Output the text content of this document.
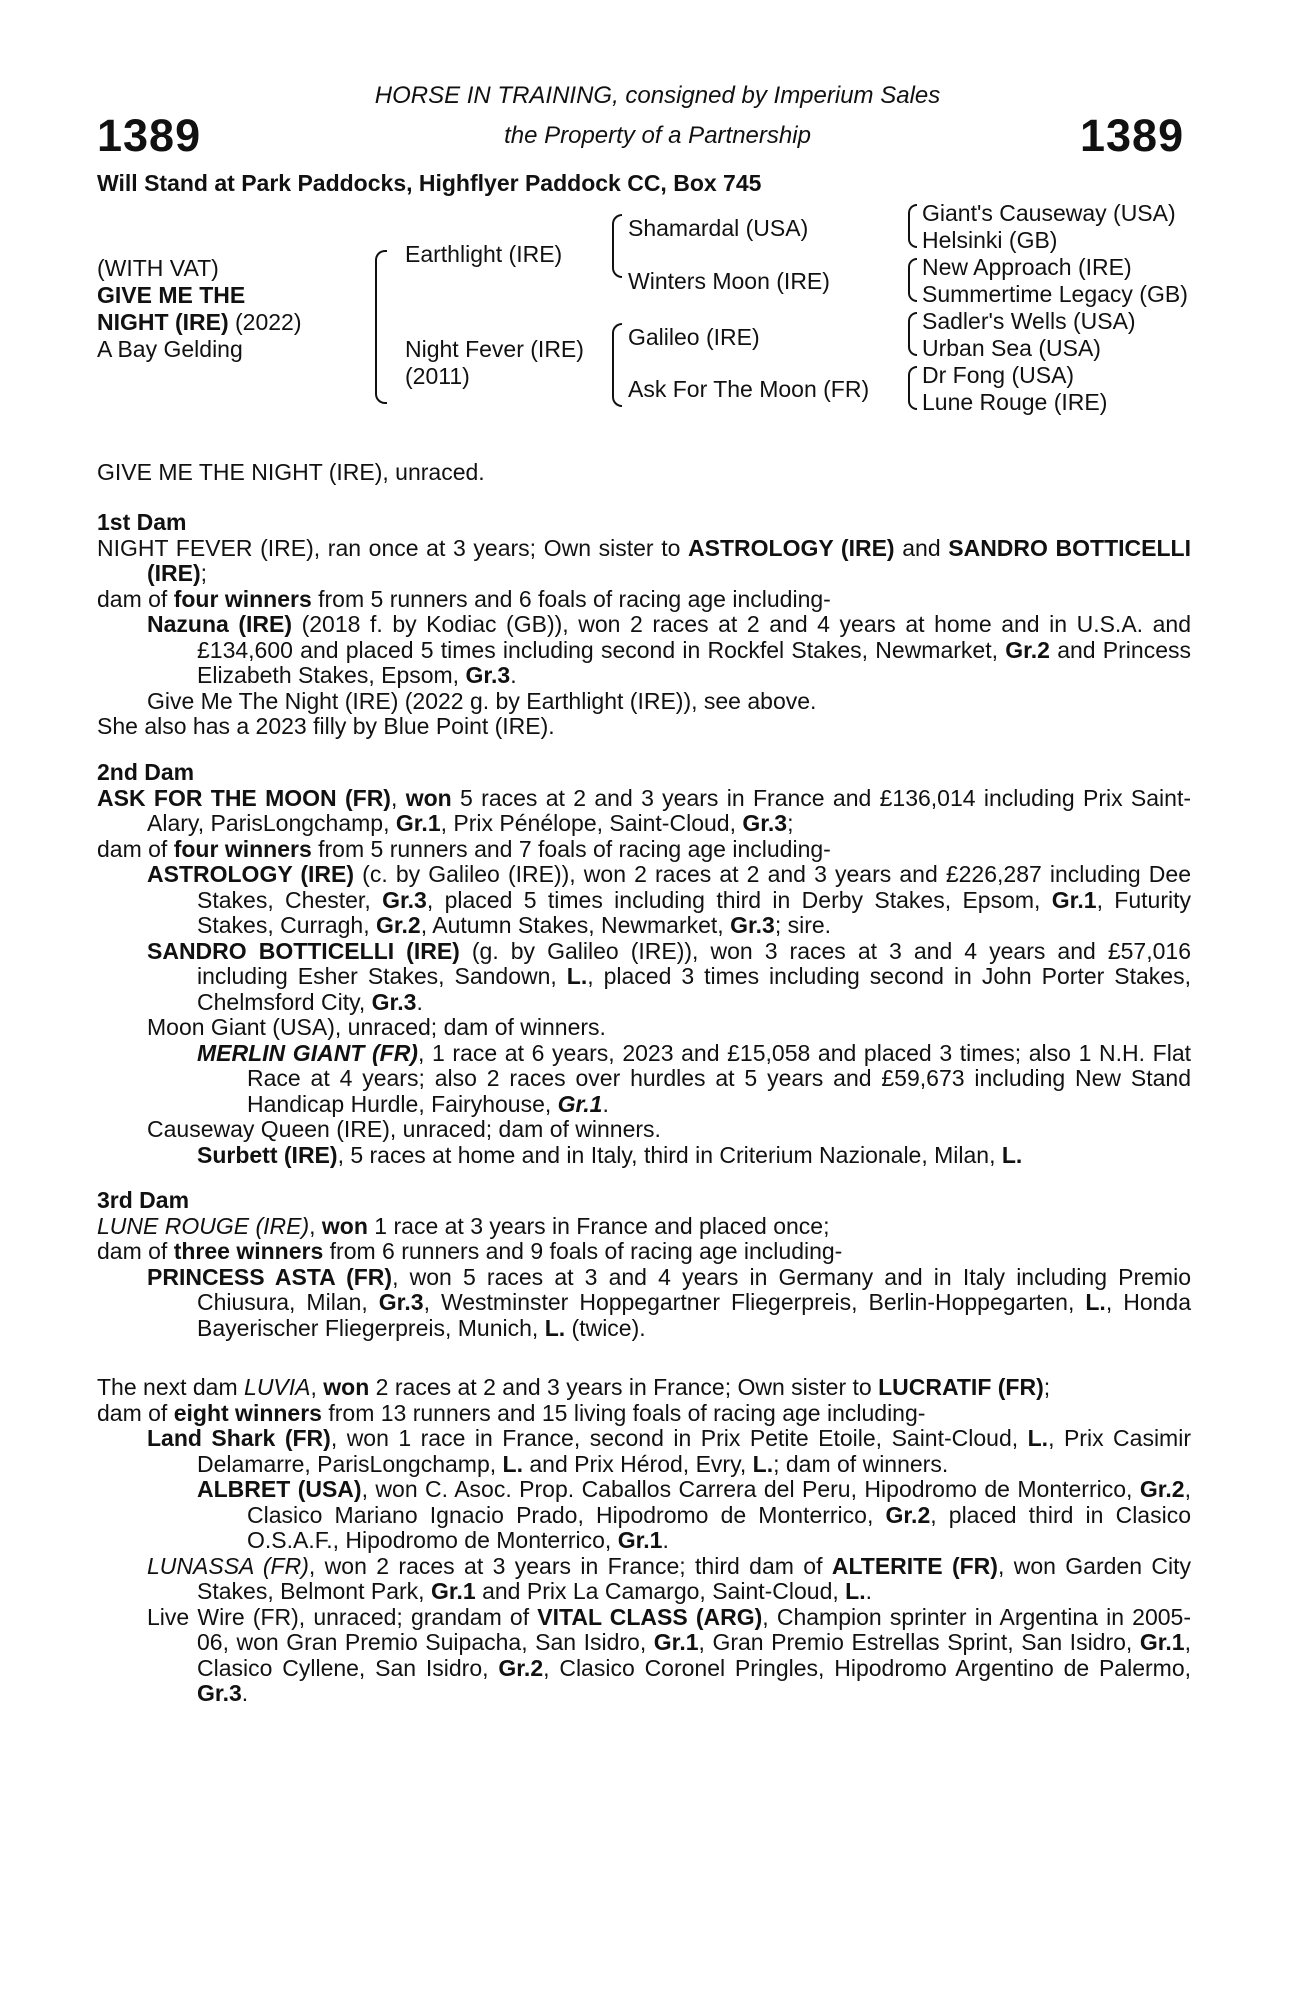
1389	1389
HORSE IN TRAINING, consigned by Imperium Sales
the Property of a Partnership
Will Stand at Park Paddocks, Highflyer Paddock CC, Box 745
(WITH VAT)
GIVE ME THE
NIGHT (IRE) (2022)
A Bay Gelding
Earthlight (IRE)
Night Fever (IRE)
(2011)
Shamardal (USA)
Winters Moon (IRE)
Galileo (IRE)
Ask For The Moon (FR)
Giant's Causeway (USA)
Helsinki (GB)
New Approach (IRE)
Summertime Legacy (GB)
Sadler's Wells (USA)
Urban Sea (USA)
Dr Fong (USA)
Lune Rouge (IRE)
GIVE ME THE NIGHT (IRE), unraced.
1st Dam
NIGHT FEVER (IRE), ran once at 3 years; Own sister to ASTROLOGY (IRE) and SANDRO BOTTICELLI (IRE);
dam of four winners from 5 runners and 6 foals of racing age including-
Nazuna (IRE) (2018 f. by Kodiac (GB)), won 2 races at 2 and 4 years at home and in U.S.A. and £134,600 and placed 5 times including second in Rockfel Stakes, Newmarket, Gr.2 and Princess Elizabeth Stakes, Epsom, Gr.3.
Give Me The Night (IRE) (2022 g. by Earthlight (IRE)), see above.
She also has a 2023 filly by Blue Point (IRE).
2nd Dam
ASK FOR THE MOON (FR), won 5 races at 2 and 3 years in France and £136,014 including Prix Saint-Alary, ParisLongchamp, Gr.1, Prix Pénélope, Saint-Cloud, Gr.3;
dam of four winners from 5 runners and 7 foals of racing age including-
ASTROLOGY (IRE) (c. by Galileo (IRE)), won 2 races at 2 and 3 years and £226,287 including Dee Stakes, Chester, Gr.3, placed 5 times including third in Derby Stakes, Epsom, Gr.1, Futurity Stakes, Curragh, Gr.2, Autumn Stakes, Newmarket, Gr.3; sire.
SANDRO BOTTICELLI (IRE) (g. by Galileo (IRE)), won 3 races at 3 and 4 years and £57,016 including Esher Stakes, Sandown, L., placed 3 times including second in John Porter Stakes, Chelmsford City, Gr.3.
Moon Giant (USA), unraced; dam of winners.
MERLIN GIANT (FR), 1 race at 6 years, 2023 and £15,058 and placed 3 times; also 1 N.H. Flat Race at 4 years; also 2 races over hurdles at 5 years and £59,673 including New Stand Handicap Hurdle, Fairyhouse, Gr.1.
Causeway Queen (IRE), unraced; dam of winners.
Surbett (IRE), 5 races at home and in Italy, third in Criterium Nazionale, Milan, L.
3rd Dam
LUNE ROUGE (IRE), won 1 race at 3 years in France and placed once;
dam of three winners from 6 runners and 9 foals of racing age including-
PRINCESS ASTA (FR), won 5 races at 3 and 4 years in Germany and in Italy including Premio Chiusura, Milan, Gr.3, Westminster Hoppegartner Fliegerpreis, Berlin-Hoppegarten, L., Honda Bayerischer Fliegerpreis, Munich, L. (twice).
The next dam LUVIA, won 2 races at 2 and 3 years in France; Own sister to LUCRATIF (FR);
dam of eight winners from 13 runners and 15 living foals of racing age including-
Land Shark (FR), won 1 race in France, second in Prix Petite Etoile, Saint-Cloud, L., Prix Casimir Delamarre, ParisLongchamp, L. and Prix Hérod, Evry, L.; dam of winners.
ALBRET (USA), won C. Asoc. Prop. Caballos Carrera del Peru, Hipodromo de Monterrico, Gr.2, Clasico Mariano Ignacio Prado, Hipodromo de Monterrico, Gr.2, placed third in Clasico O.S.A.F., Hipodromo de Monterrico, Gr.1.
LUNASSA (FR), won 2 races at 3 years in France; third dam of ALTERITE (FR), won Garden City Stakes, Belmont Park, Gr.1 and Prix La Camargo, Saint-Cloud, L..
Live Wire (FR), unraced; grandam of VITAL CLASS (ARG), Champion sprinter in Argentina in 2005-06, won Gran Premio Suipacha, San Isidro, Gr.1, Gran Premio Estrellas Sprint, San Isidro, Gr.1, Clasico Cyllene, San Isidro, Gr.2, Clasico Coronel Pringles, Hipodromo Argentino de Palermo, Gr.3.
